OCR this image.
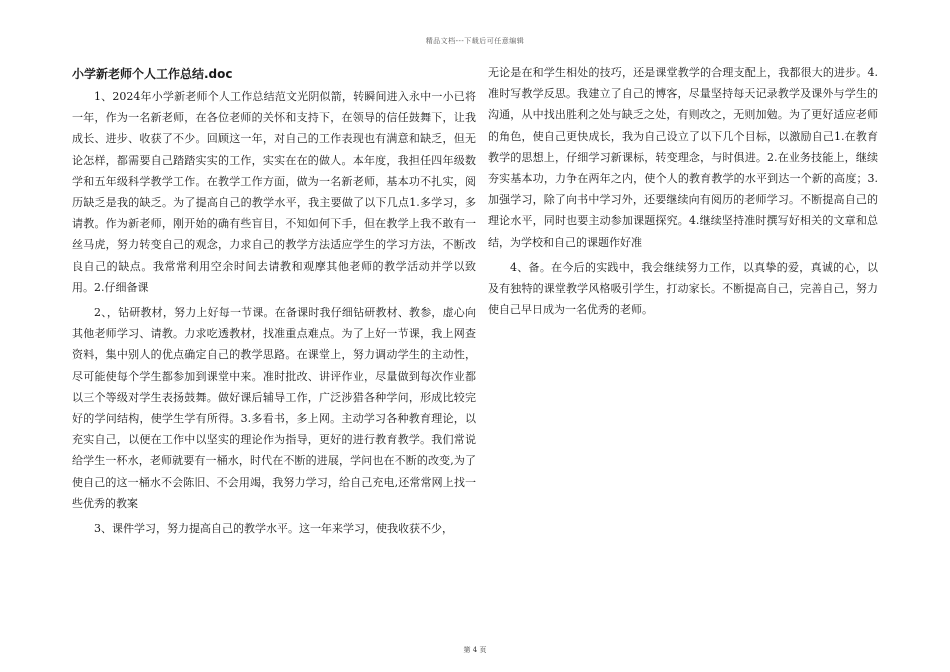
精品文档---下载后可任意编辑

小学新老师个人工作总结.doc

1、2024年小学新老师个人工作总结范文光阴似箭，转瞬间进入永中一小已将一年，作为一名新老师，在各位老师的关怀和支持下，在领导的信任鼓舞下，让我成长、进步、收获了不少。回顾这一年，对自己的工作表现也有满意和缺乏，但无论怎样，都需要自己踏踏实实的工作，实实在在的做人。本年度，我担任四年级数学和五年级科学教学工作。在教学工作方面，做为一名新老师，基本功不扎实，阅历缺乏是我的缺乏。为了提高自己的教学水平，我主要做了以下几点1.多学习，多请教。作为新老师，刚开始的确有些盲目，不知如何下手，但在教学上我不敢有一丝马虎，努力转变自己的观念，力求自己的教学方法适应学生的学习方法，不断改良自己的缺点。我常常利用空余时间去请教和观摩其他老师的教学活动并学以致用。2.仔细备课

2、，钻研教材，努力上好每一节课。在备课时我仔细钻研教材、教参，虚心向其他老师学习、请教。力求吃透教材，找准重点难点。为了上好一节课，我上网查资料，集中别人的优点确定自己的教学思路。在课堂上，努力调动学生的主动性，尽可能使每个学生都参加到课堂中来。准时批改、讲评作业，尽量做到每次作业都以三个等级对学生表扬鼓舞。做好课后辅导工作，广泛涉猎各种学问，形成比较完好的学问结构，使学生学有所得。3.多看书，多上网。主动学习各种教育理论，以充实自己，以便在工作中以坚实的理论作为指导，更好的进行教育教学。我们常说给学生一杯水，老师就要有一桶水，时代在不断的进展，学问也在不断的改变,为了使自己的这一桶水不会陈旧、不会用竭，我努力学习，给自己充电,还常常网上找一些优秀的教案

3、课件学习，努力提高自己的教学水平。这一年来学习，使我收获不少，

无论是在和学生相处的技巧，还是课堂教学的合理支配上，我都很大的进步。4.准时写教学反思。我建立了自己的博客，尽量坚持每天记录教学及课外与学生的沟通，从中找出胜利之处与缺乏之处，有则改之，无则加勉。为了更好适应老师的角色，使自己更快成长，我为自己设立了以下几个目标，以激励自己1.在教育教学的思想上，仔细学习新课标，转变理念，与时俱进。2.在业务技能上，继续夯实基本功，力争在两年之内，使个人的教育教学的水平到达一个新的高度；3.加强学习，除了向书中学习外，还要继续向有阅历的老师学习。不断提高自己的理论水平，同时也要主动参加课题探究。4.继续坚持准时撰写好相关的文章和总结，为学校和自己的课题作好准

4、备。在今后的实践中，我会继续努力工作，以真挚的爱，真诚的心，以及有独特的课堂教学风格吸引学生，打动家长。不断提高自己，完善自己，努力使自己早日成为一名优秀的老师。

第 4 页
